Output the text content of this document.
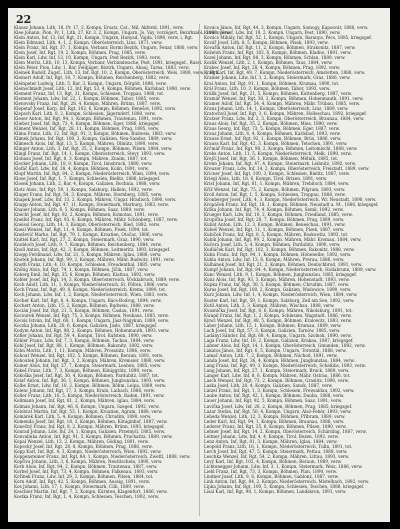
22
Klausz Johann, Lith, 18, Pr. 17, 3, Kompn, Ersatz, Cat., Mil, Akfrstd, 1891, verw.
Klee Johann, Pion, Fr, 1, Lith, 27, Kr. 3, 2, Kompn, Ungarn, Jo, Vay, vorzögert, Bezirkzabl., 1889, verw.
Klein Anton, Inf, 13, Inf, Rgt, 31, Kompn, Ungarn, Hunyad, Vajda, 1898, verw, i, Rgt.
Klein Edmund, Lith, 4, 1, 2, Kompn, Oberösterreich, Linz, 1871, verw.
Klein Franz, Inf, Rgt, 37, 1, Kompn, Verbanr, Bormi Bezirk, Ungarn, Fenar, 1880, verw.
Klein Josef, Inf, Rgt, 19, 2, Kompn, Böhmen, Prag, 1885, verw.
Klein Karl, Ldw, Inf, 13, 10, Kompn, Ungarn, Pest Bezirk, 1893, verw.
Klein Moritz, Lith, 10, 13, Kompn, Verbanr, Verbandwache, Pest, 1891, kriegsgef., Russl.
Klein Peter, Pion, Ldw, 1, Bar, Feldjäger, Bezirk, Ungarn, Abauj, Tarna, 1883, verw.
Kleinek Rudolf, Zugsf., Lith, 13, Inf, Rgt, 10, 2, Kompn, Oberösterreich, Wels, 1889, verw, i, Rgt.
Kleinert Adolf, Inf, Rgt, 18, 7, Kompn, Böhmen, Reichenberg, 1882, verw.
Kleinpeter Ludwig, Lith, 5, Bar, 3, Kompn, Ungarn, Dörgöd, 1896, verw.
Kleinschmidt Josef, Lith, 12, Inf, Rgt, 53, 4, Kompn, Böhmen, Karlsbad, 1890, verw.
Klement Franz, Inf, 13, Rgt, 31, Kompn, Schlesien, Troppau, 1888, tot.
Klement Johann, Ldw, Inf, 22, 1, Kompn, Böhmen, Tabor, 1885, verw.
Klenovsky Franz, Inf, Rgt, 28, 4, Kompn, Mähren, Brünn, 1887, verw.
Klepetař Josef, Korp, Inf, Rgt, 102, 6, Kompn, Böhmen, Benešov, 1892, verw.
Klepsch Karl, Lith, 8, 2, Kompn, Schlesien, Jägerndorf, 1880, verw.
Kleser Anton, Inf, Rgt, 94, 1, Kompn, Böhmen, Trautenau, 1891, verw.
Klieber Josef, Inf, Rgt, 73, 4, Kompn, Böhmen, Eger, 1886, kriegsgef.
Kliment Wenzel, Inf, Rgt, 28, 11, Kompn, Böhmen, Prag, 1895, verw.
Klíma Franz, Lith, 12, Inf, Rgt, 91, 3, Kompn, Böhmen, Budweis, 1883, verw.
Klimek Johann, Inf, Rgt, 100, 2, Kompn, Galizien, Neu-Sandez, 1889, verw.
Klimesch Alois, Inf, Rgt, 13, 5, Kompn, Mähren, Olmütz, 1890, verw.
Klinger Anton, Lith, 3, Inf, Rgt, 35, 2, Kompn, Böhmen, Pilsen, 1884, verw.
Klingl Franz, Inf, Rgt, 14, 1, Kompn, Oberösterreich, Steyr, 1893, verw.
Klobasa Josef, Inf, Rgt, 8, 3, Kompn, Mähren, Znaim, 1887, tot.
Klocker Johann, Lith, 18, 9, Kompn, Tirol, Innsbruck, 1880, verw.
Klofáč Karl, Ldw, Inf, 28, 4, Kompn, Böhmen, Kolin, 1891, verw.
Klopf Martin, Inf, Rgt, 84, 2, Kompn, Niederösterreich, Wien, 1894, verw.
Klose Josef, Inf, Rgt, 1, 7, Kompn, Schlesien, Bielitz, 1886, kriegsgef.
Klosek Johann, Lith, 2, Bar, 4, Kompn, Galizien, Bochnia, 1888, verw.
Klotz Alois, Inf, Rgt, 59, 1, Kompn, Salzburg, Hallein, 1892, verw.
Kluger Franz, Inf, Rgt, 54, 3, Kompn, Mähren, Sternberg, 1885, verw.
Knapek Josef, Ldw, Inf, 13, 2, Kompn, Mähren, Ungar. Hradisch, 1890, verw.
Knapp Anton, Inf, Rgt, 47, 11, Kompn, Steiermark, Marburg, 1883, verw.
Knauer Johann, Lith, 6, 5, Kompn, Böhmen, Saaz, 1889, verw.
Knecht Josef, Inf, Rgt, 92, 2, Kompn, Böhmen, Komotau, 1891, verw.
Kneifel Franz, Inf, Rgt, 93, 6, Kompn, Mähren, Mähr. Schönberg, 1887, verw.
Kneissl Georg, Lith, 14, 3, Kompn, Oberösterreich, Ried, 1882, verw.
Knesl Wenzel, Inf, Rgt, 11, 4, Kompn, Böhmen, Pisek, 1894, tot.
Knežević Marko, Inf, Rgt, 79, 1, Kompn, Kroatien, Otočac, 1886, verw.
Knittel Karl, Inf, Rgt, 27, 2, Kompn, Steiermark, Graz, 1890, verw.
Knobloch Josef, Lith, 9, 7, Kompn, Böhmen, Reichenberg, 1884, verw.
Knoll Anton, Inf, Rgt, 42, 3, Kompn, Böhmen, Leitmeritz, 1893, kriegsgef.
Knopp Ferdinand, Ldw, Inf, 21, 5, Kompn, Mähren, Iglau, 1888, verw.
Knotek Johann, Inf, Rgt, 99, 2, Kompn, Mähren, Mähr. Budwitz, 1891, verw.
Knoth Franz, Lith, 4, 10, Kompn, Schlesien, Freudenthal, 1885, verw.
Knötig Alois, Inf, Rgt, 74, 1, Kompn, Böhmen, Jičín, 1887, verw.
Koberg Emil, Inf, Rgt, 35, 6, Kompn, Böhmen, Klattau, 1892, verw.
Kobler Josef, Inf, Rgt, 14, 3, Kompn, Oberösterreich, Vöcklabruck, 1889, verw.
Koch Adolf, Lith, 11, 1, Kompn, Niederösterreich, St. Pölten, 1886, verw.
Koch Franz, Inf, Rgt, 49, 8, Kompn, Niederösterreich, Krems, 1890, tot.
Koch Johann, Ldw, Inf, 1, 2, Kompn, Niederösterreich, Wien, 1883, verw.
Kocher Karl, Inf, Rgt, 6, 4, Kompn, Ungarn, Bács-Bodrog, 1894, verw.
Kochert Anton, Lith, 15, 2, Kompn, Böhmen, Budweis, 1888, verw.
Kocián Josef, Inf, Rgt, 21, 5, Kompn, Böhmen, Časlau, 1891, verw.
Kocourek Wenzel, Inf, Rgt, 75, 3, Kompn, Böhmen, Neuhaus, 1885, verw.
Kocsis István, Inf, Rgt, 68, 1, Kompn, Ungarn, Jász-Nagykun, 1889, verw.
Koczka Johann, Lith, 20, 6, Kompn, Galizien, Jasło, 1887, kriegsgef.
Kodym Anton, Inf, Rgt, 98, 2, Kompn, Böhmen, Hohenmauth, 1893, verw.
Kofler Johann, Inf, Rgt, 59, 4, Kompn, Tirol, Kufstein, 1890, verw.
Köhler Franz, Ldw, Inf, 7, 3, Kompn, Böhmen, Tachau, 1884, verw.
Kohl Josef, Inf, Rgt, 88, 1, Kompn, Böhmen, Rakonitz, 1892, verw.
Kohn Moritz, Lith, 1, 11, Kompn, Mähren, Prossnitz, 1886, verw.
Kohout Wenzel, Inf, Rgt, 102, 5, Kompn, Böhmen, Beraun, 1891, verw.
Kohoutek Johann, Inf, Rgt, 3, 2, Kompn, Mähren, Kremsier, 1888, verw.
Koiner Alois, Inf, Rgt, 27, 7, Kompn, Steiermark, Leoben, 1885, verw.
Kokeš Franz, Lith, 7, 3, Kompn, Böhmen, Königgrätz, 1890, verw.
Kokoška Josef, Inf, Rgt, 30, 4, Kompn, Böhmen, Pardubitz, 1887, tot.
Kolař Anton, Inf, Rgt, 36, 1, Kompn, Böhmen, Jungbunzlau, 1893, verw.
Kolbe Ernst, Ldw, Inf, 10, 2, Kompn, Böhmen, Böhm. Leipa, 1889, verw.
Kolenc Johann, Inf, Rgt, 17, 3, Kompn, Krain, Laibach, 1886, verw.
Koller Franz, Lith, 16, 5, Kompn, Niederösterreich, Baden, 1891, verw.
Kollmann Josef, Inf, Rgt, 81, 2, Kompn, Mähren, Iglau, 1884, verw.
Kolman Johann, Inf, Rgt, 46, 6, Kompn, Ungarn, Szeged, 1892, verw.
Kolobrat Martin, Inf, Rgt, 53, 1, Kompn, Kroatien, Agram, 1888, verw.
Komárek Karl, Lith, 5, 4, Kompn, Böhmen, Chrudim, 1890, verw.
Komenda Josef, Inf, Rgt, 18, 3, Kompn, Böhmen, Königinhof, 1887, verw.
Konečný Franz, Inf, Rgt, 8, 2, Kompn, Mähren, Brünn, 1893, kriegsgef.
Konrad Johann, Ldw, Inf, 24, 1, Kompn, Galizien, Przemyśl, 1885, verw.
Konvalinka Anton, Inf, Rgt, 91, 5, Kompn, Böhmen, Prachatitz, 1889, verw.
Kopal Wenzel, Lith, 13, 2, Kompn, Mähren, Göding, 1891, verw.
Kopecký Josef, Inf, Rgt, 28, 8, Kompn, Böhmen, Prag, 1886, verw.
Kopp Karl, Inf, Rgt, 4, 3, Kompn, Niederösterreich, Wien, 1892, verw.
Koppensteiner Franz, Inf, Rgt, 84, 1, Kompn, Niederösterreich, Zwettl, 1888, verw.
Kopřiva Johann, Lith, 3, 6, Kompn, Mähren, Neutitschein, 1890, verw.
Korb Alois, Inf, Rgt, 94, 2, Kompn, Böhmen, Trautenau, 1887, verw.
Korbel Josef, Inf, Rgt, 73, 4, Kompn, Böhmen, Falkenau, 1893, verw.
Kořínek Franz, Ldw, Inf, 29, 3, Kompn, Böhmen, Pilsen, 1884, tot.
Korn Adolf, Inf, Rgt, 42, 5, Kompn, Böhmen, Aussig, 1891, verw.
Kos Johann, Lith, 17, 1, Kompn, Steiermark, Cilli, 1889, verw.
Koschier Martin, Inf, Rgt, 7, 2, Kompn, Kärnten, Klagenfurt, 1886, verw.
Kostka Franz, Inf, Rgt, 1, 4, Kompn, Schlesien, Teschen, 1892, verw.
Kovács János, Inf, Rgt, 44, 3, Kompn, Ungarn, Somogy, Kaposvár, 1888, verw.
Kovács József, Ldw, Inf, 19, 2, Kompn, Ungarn, Pest, 1890, verw.
Kovács Mihály, Inf, Rgt, 52, 1, Kompn, Ungarn, Baranya, Pécs, 1885, kriegsgef.
Kovář Josef, Lith, 8, 5, Kompn, Böhmen, Pisek, 1893, verw.
Kovařík Anton, Inf, Rgt, 11, 2, Kompn, Böhmen, Strakonitz, 1887, verw.
Koželuh Franz, Inf, Rgt, 102, 6, Kompn, Böhmen, Kladno, 1891, verw.
Kozel Johann, Inf, Rgt, 88, 3, Kompn, Böhmen, Schlan, 1889, verw.
Kozlík Wenzel, Lith, 2, 1, Kompn, Böhmen, Taus, 1884, verw.
Krabec Josef, Inf, Rgt, 28, 4, Kompn, Böhmen, Prag, 1892, verw.
Kraft Karl, Inf, Rgt, 49, 7, Kompn, Niederösterreich, Amstetten, 1888, verw.
Krainer Johann, Ldw, Inf, 3, 2, Kompn, Steiermark, Graz, 1886, verw.
Kral Anton, Inf, Rgt, 91, 1, Kompn, Böhmen, Krumau, 1890, tot.
Král Franz, Lith, 10, 3, Kompn, Böhmen, Tábor, 1893, verw.
Králík Josef, Inf, Rgt, 21, 5, Kompn, Böhmen, Kuttenberg, 1887, verw.
Kramář Wenzel, Inf, Rgt, 30, 2, Kompn, Böhmen, Hohenmauth, 1891, verw.
Kramer Adolf, Inf, Rgt, 54, 4, Kompn, Mähren, Mähr. Trübau, 1885, verw.
Kranz Johann, Lith, 14, 1, Kompn, Oberösterreich, Linz, 1889, verw.
Kratochvíl Josef, Inf, Rgt, 3, 6, Kompn, Mähren, Holleschau, 1892, kriegsgef.
Kratzer Franz, Ldw, Inf, 2, 3, Kompn, Oberösterreich, Braunau, 1884, verw.
Kraus Alois, Inf, Rgt, 35, 2, Kompn, Böhmen, Mies, 1890, verw.
Kraus Georg, Inf, Rgt, 73, 5, Kompn, Böhmen, Eger, 1887, verw.
Kraus Johann, Lith, 6, 4, Kompn, Böhmen, Karlsbad, 1893, verw.
Krause Ernst, Inf, Rgt, 92, 1, Kompn, Böhmen, Brüx, 1886, verw.
Krauss Karl, Inf, Rgt, 42, 3, Kompn, Böhmen, Tetschen, 1891, verw.
Krčmář Franz, Inf, Rgt, 98, 2, Kompn, Böhmen, Leitomischl, 1888, verw.
Krebs Anton, Lith, 11, 5, Kompn, Niederösterreich, Melk, 1890, verw.
Krejčí Josef, Inf, Rgt, 36, 1, Kompn, Böhmen, Mělník, 1885, tot.
Krenn Johann, Inf, Rgt, 47, 4, Kompn, Steiermark, Leibnitz, 1892, verw.
Kreuzer Franz, Ldw, Inf, 14, 2, Kompn, Oberösterreich, Freistadt, 1889, verw.
Kricner Josef, Inf, Rgt, 100, 3, Kompn, Schlesien, Bielitz, 1887, verw.
Kriegl Alois, Lith, 18, 6, Kompn, Tirol, Brixen, 1891, verw.
Krist Johann, Inf, Rgt, 81, 1, Kompn, Mähren, Trebitsch, 1884, verw.
Kříž Wenzel, Inf, Rgt, 75, 2, Kompn, Böhmen, Pilgram, 1893, verw.
Kroll Anton, Inf, Rgt, 1, 5, Kompn, Schlesien, Troppau, 1888, verw.
Kronberger Josef, Lith, 4, 3, Kompn, Niederösterreich, Wr. Neustadt, 1890, verw.
Kropáček Franz, Inf, Rgt, 18, 1, Kompn, Böhmen, Neustadt a. M., 1886, kriegsgef.
Krška Johann, Inf, Rgt, 74, 4, Kompn, Böhmen, Semil, 1892, verw.
Krueger Karl, Ldw, Inf, 10, 2, Kompn, Böhmen, Friedland, 1885, verw.
Krupička Josef, Inf, Rgt, 28, 7, Kompn, Böhmen, Prag, 1889, verw.
Kubát Anton, Lith, 12, 3, Kompn, Böhmen, Beneschau, 1891, verw.
Kubeš Wenzel, Inf, Rgt, 11, 1, Kompn, Böhmen, Písek, 1887, verw.
Kubíček Franz, Inf, Rgt, 8, 5, Kompn, Mähren, Boskowitz, 1893, tot.
Kubík Johann, Inf, Rgt, 99, 2, Kompn, Mähren, Mähr. Kromau, 1884, verw.
Kučera Josef, Lith, 5, 4, Kompn, Böhmen, Pardubitz, 1890, verw.
Kudláček Karl, Inf, Rgt, 102, 3, Kompn, Böhmen, Rakonitz, 1888, verw.
Kuhn Franz, Inf, Rgt, 94, 1, Kompn, Böhmen, Hohenelbe, 1892, verw.
Kukla Anton, Ldw, Inf, 13, 6, Kompn, Mähren, Prerau, 1886, verw.
Kulhánek Josef, Inf, Rgt, 21, 2, Kompn, Böhmen, Deutschbrod, 1891, verw.
Kumpf Johann, Inf, Rgt, 84, 4, Kompn, Niederösterreich, Hollabrunn, 1889, verw.
Kunc Wenzel, Lith, 9, 1, Kompn, Böhmen, Jungbunzlau, 1885, kriegsgef.
Kunz Alois, Inf, Rgt, 93, 3, Kompn, Mähren, Hohenstadt, 1893, verw.
Kupka Franz, Inf, Rgt, 30, 5, Kompn, Böhmen, Chrudim, 1887, verw.
Kuras Josef, Inf, Rgt, 100, 2, Kompn, Galizien, Wadowice, 1890, verw.
Kurz Johann, Ldw, Inf, 1, 4, Kompn, Niederösterreich, Wien, 1884, verw.
Kuster Karl, Inf, Rgt, 59, 1, Kompn, Salzburg, Zell am See, 1892, verw.
Kutil Anton, Lith, 3, 3, Kompn, Mähren, Wischau, 1888, verw.
Kvasnička Josef, Inf, Rgt, 8, 6, Kompn, Mähren, Nikolsburg, 1891, tot.
Kwapil Franz, Inf, Rgt, 1, 2, Kompn, Schlesien, Wagstadt, 1886, verw.
Kyncl Wenzel, Inf, Rgt, 88, 5, Kompn, Böhmen, Kralowitz, 1893, verw.
Laber Johann, Lith, 15, 1, Kompn, Böhmen, Krumau, 1889, verw.
Lach Josef, Inf, Rgt, 57, 3, Kompn, Galizien, Tarnów, 1885, verw.
Ladányi Sándor, Inf, Rgt, 68, 4, Kompn, Ungarn, Szolnok, 1890, verw.
Laga Franz, Ldw, Inf, 16, 2, Kompn, Galizien, Krakau, 1887, kriegsgef.
Lahner Alois, Inf, Rgt, 14, 1, Kompn, Oberösterreich, Gmunden, 1892, verw.
Lakatos János, Inf, Rgt, 6, 5, Kompn, Ungarn, Torontál, 1888, verw.
Lamač Anton, Lith, 7, 2, Kompn, Böhmen, Náchod, 1891, verw.
Landa Josef, Inf, Rgt, 36, 4, Kompn, Böhmen, Jungbunzlau, 1884, verw.
Lang Franz, Inf, Rgt, 49, 3, Kompn, Niederösterreich, Scheibbs, 1893, verw.
Lang Johann, Inf, Rgt, 27, 1, Kompn, Steiermark, Bruck, 1889, verw.
Langer Karl, Ldw, Inf, 8, 6, Kompn, Mähren, Mähr. Ostrau, 1886, tot.
Lasch Wenzel, Inf, Rgt, 73, 2, Kompn, Böhmen, Graslitz, 1890, verw.
Laska Josef, Lith, 20, 4, Kompn, Galizien, Sanok, 1887, verw.
Latzel Franz, Inf, Rgt, 1, 3, Kompn, Schlesien, Freiwaldau, 1892, verw.
Laube Anton, Inf, Rgt, 42, 1, Kompn, Böhmen, Dauba, 1888, verw.
Lauer Johann, Inf, Rgt, 92, 5, Kompn, Böhmen, Saaz, 1891, verw.
Lavička Josef, Ldw, Inf, 28, 2, Kompn, Böhmen, Prag, 1885, kriegsgef.
Lazar Stefan, Inf, Rgt, 50, 4, Kompn, Ungarn, Alsó-Fehér, 1893, verw.
Lebeda Wenzel, Lith, 12, 3, Kompn, Böhmen, Příbram, 1889, verw.
Leder Karl, Inf, Rgt, 94, 1, Kompn, Böhmen, Braunau, 1886, verw.
Lederer Franz, Inf, Rgt, 35, 6, Kompn, Böhmen, Pilsen, 1890, verw.
Lehner Josef, Inf, Rgt, 14, 2, Kompn, Oberösterreich, Schärding, 1887, verw.
Leitner Johann, Ldw, Inf, 4, 4, Kompn, Tirol, Bozen, 1892, verw.
Lenz Anton, Inf, Rgt, 81, 3, Kompn, Mähren, Iglau, 1884, verw.
Leopold Franz, Lith, 16, 1, Kompn, Niederösterreich, Tulln, 1891, tot.
Lerch Josef, Inf, Rgt, 47, 5, Kompn, Steiermark, Pettau, 1888, verw.
Leschka Wenzel, Inf, Rgt, 54, 2, Kompn, Mähren, Littau, 1893, verw.
Levý Karl, Inf, Rgt, 102, 4, Kompn, Böhmen, Beraun, 1889, verw.
Lichtenegger Johann, Ldw, Inf, 3, 1, Kompn, Steiermark, Weiz, 1886, verw.
Liebl Franz, Inf, Rgt, 73, 3, Kompn, Böhmen, Plan, 1890, verw.
Lindner Josef, Lith, 9, 6, Kompn, Böhmen, Gablonz, 1887, verw.
Link Anton, Inf, Rgt, 84, 2, Kompn, Niederösterreich, Mistelbach, 1892, verw.
Lipka Johann, Inf, Rgt, 100, 5, Kompn, Schlesien, Teschen, 1888, kriegsgef.
Lísal Karl, Inf, Rgt, 98, 1, Kompn, Böhmen, Landskron, 1891, verw.
